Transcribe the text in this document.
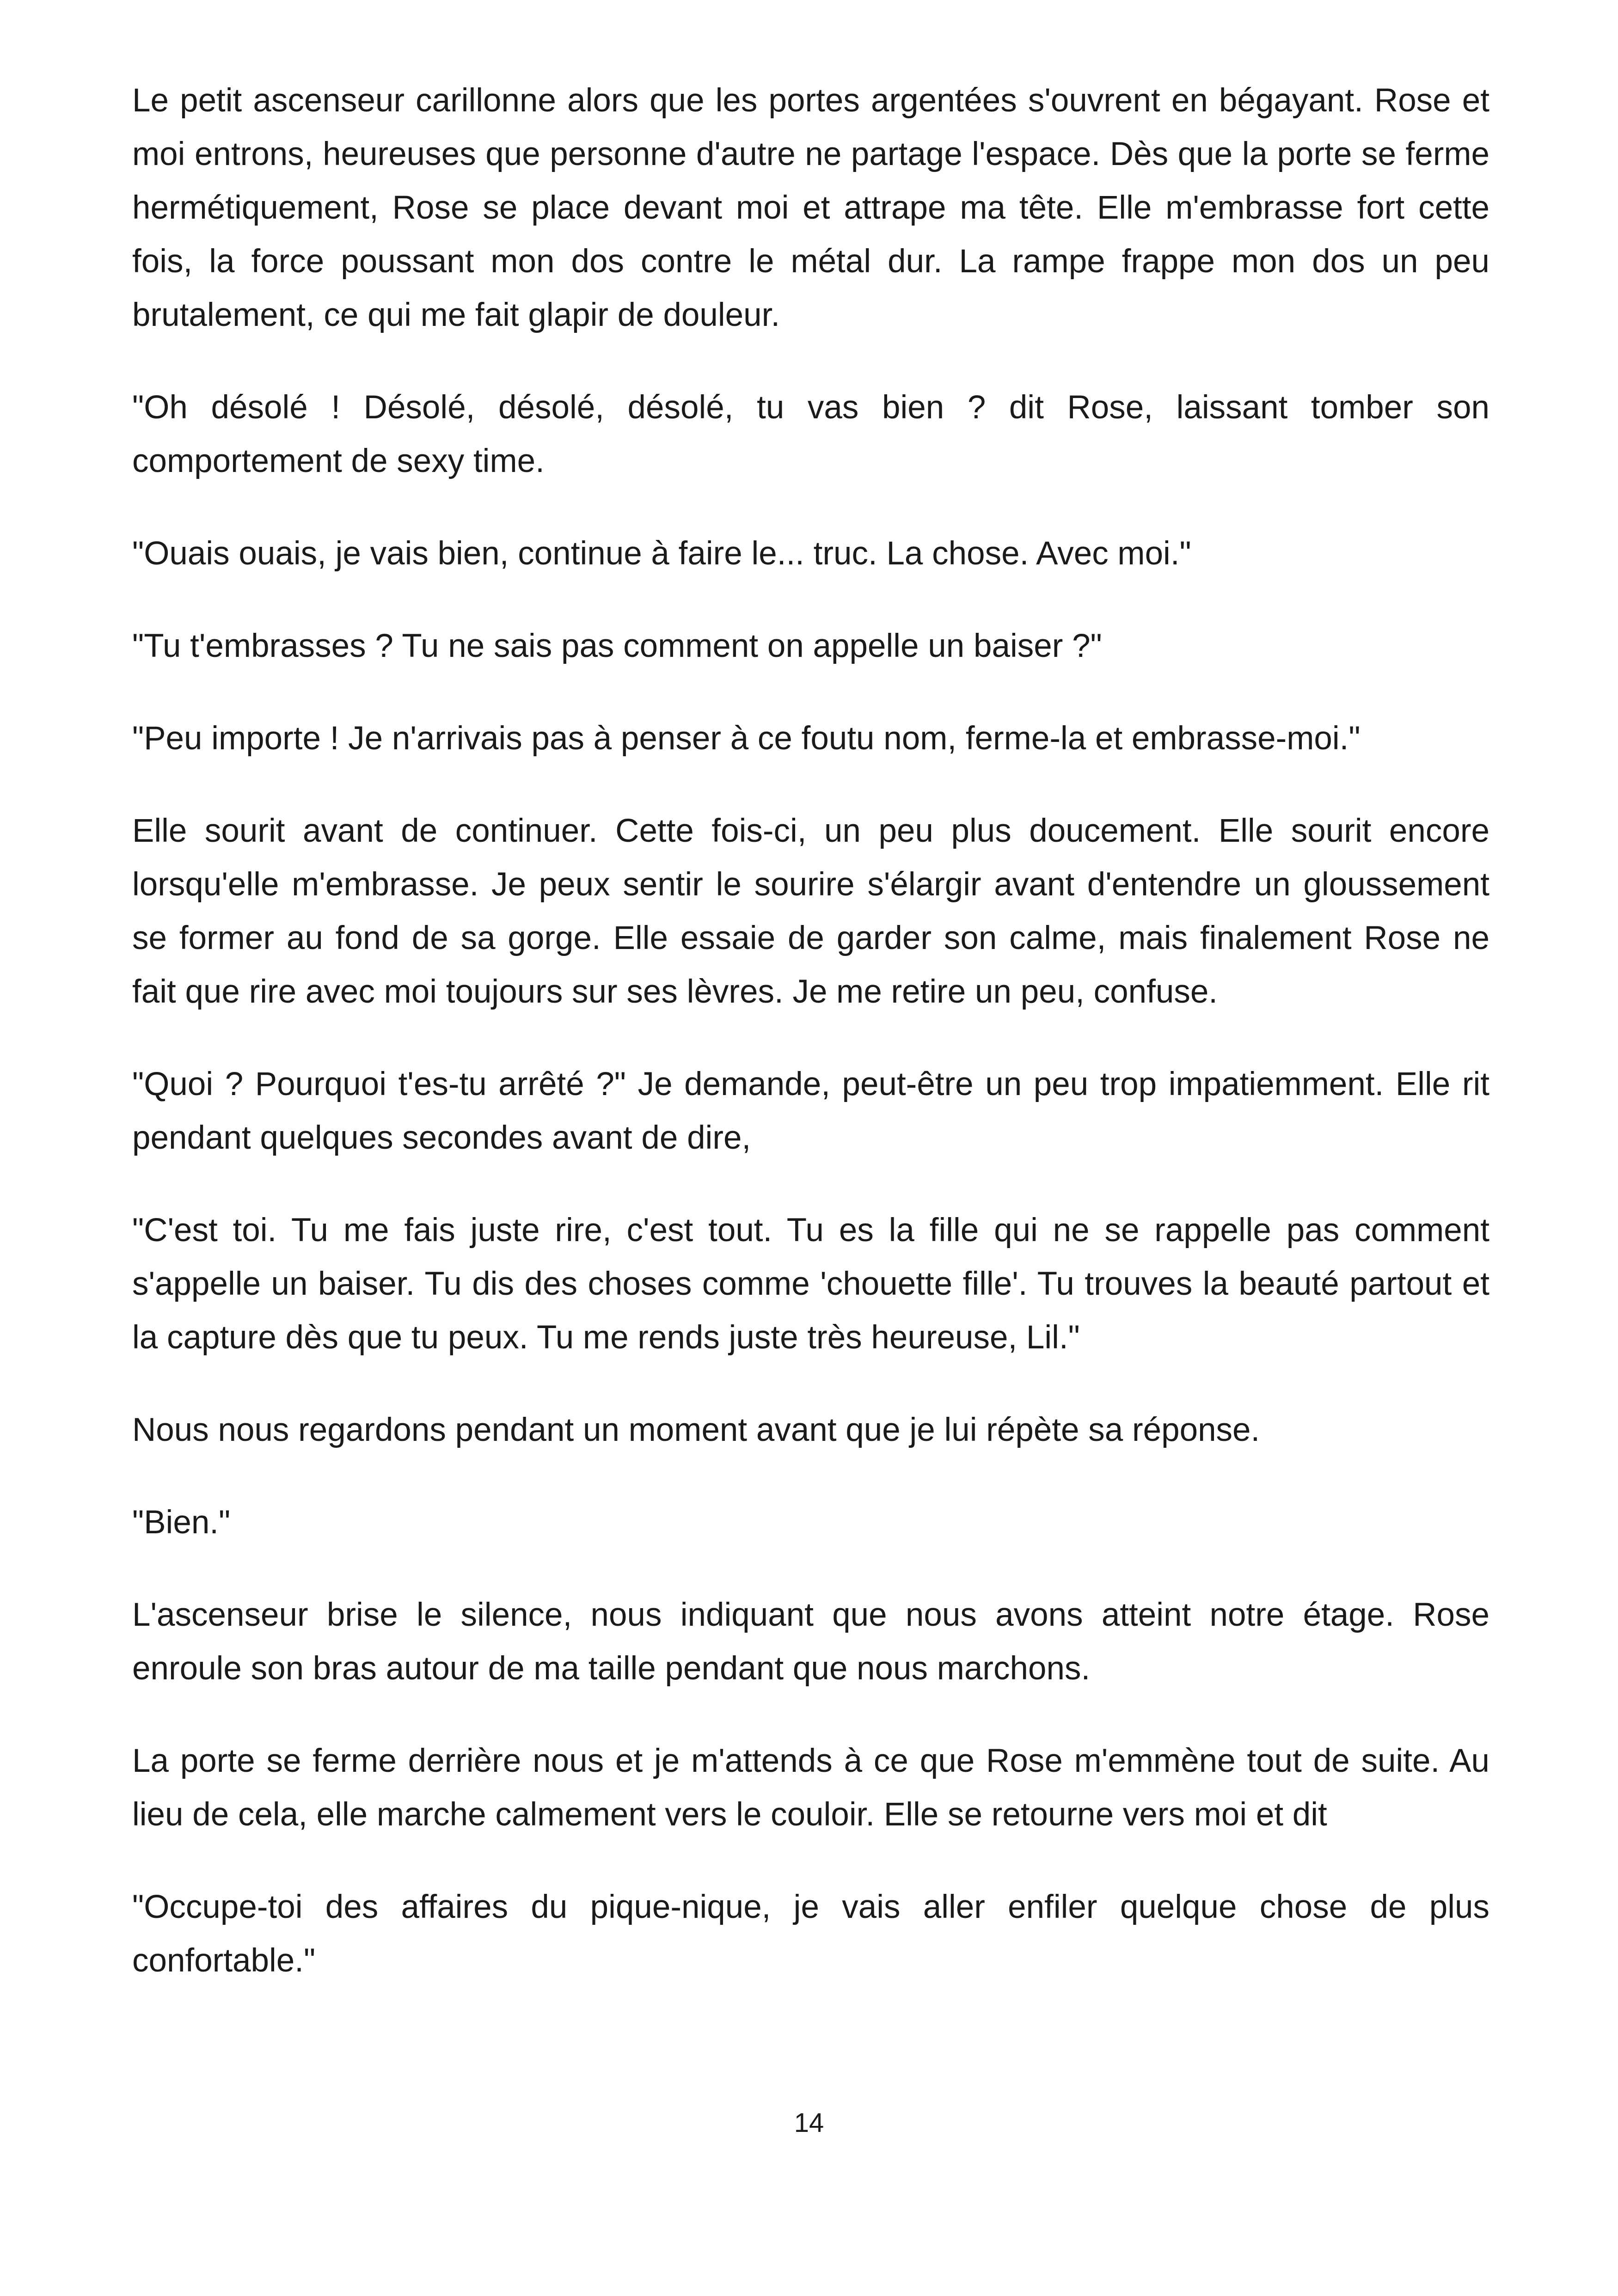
Le petit ascenseur carillonne alors que les portes argentées s'ouvrent en bégayant. Rose et moi entrons, heureuses que personne d'autre ne partage l'espace. Dès que la porte se ferme hermétiquement, Rose se place devant moi et attrape ma tête. Elle m'embrasse fort cette fois, la force poussant mon dos contre le métal dur. La rampe frappe mon dos un peu brutalement, ce qui me fait glapir de douleur.

"Oh désolé ! Désolé, désolé, désolé, tu vas bien ? dit Rose, laissant tomber son comportement de sexy time.

"Ouais ouais, je vais bien, continue à faire le... truc. La chose. Avec moi."

"Tu t'embrasses ? Tu ne sais pas comment on appelle un baiser ?"

"Peu importe ! Je n'arrivais pas à penser à ce foutu nom, ferme-la et embrasse-moi."

Elle sourit avant de continuer. Cette fois-ci, un peu plus doucement. Elle sourit encore lorsqu'elle m'embrasse. Je peux sentir le sourire s'élargir avant d'entendre un gloussement se former au fond de sa gorge. Elle essaie de garder son calme, mais finalement Rose ne fait que rire avec moi toujours sur ses lèvres. Je me retire un peu, confuse.

"Quoi ? Pourquoi t'es-tu arrêté ?" Je demande, peut-être un peu trop impatiemment. Elle rit pendant quelques secondes avant de dire,

"C'est toi. Tu me fais juste rire, c'est tout. Tu es la fille qui ne se rappelle pas comment s'appelle un baiser. Tu dis des choses comme 'chouette fille'. Tu trouves la beauté partout et la capture dès que tu peux. Tu me rends juste très heureuse, Lil."

Nous nous regardons pendant un moment avant que je lui répète sa réponse.

"Bien."

L'ascenseur brise le silence, nous indiquant que nous avons atteint notre étage. Rose enroule son bras autour de ma taille pendant que nous marchons.

La porte se ferme derrière nous et je m'attends à ce que Rose m'emmène tout de suite. Au lieu de cela, elle marche calmement vers le couloir. Elle se retourne vers moi et dit

"Occupe-toi des affaires du pique-nique, je vais aller enfiler quelque chose de plus confortable."

14
